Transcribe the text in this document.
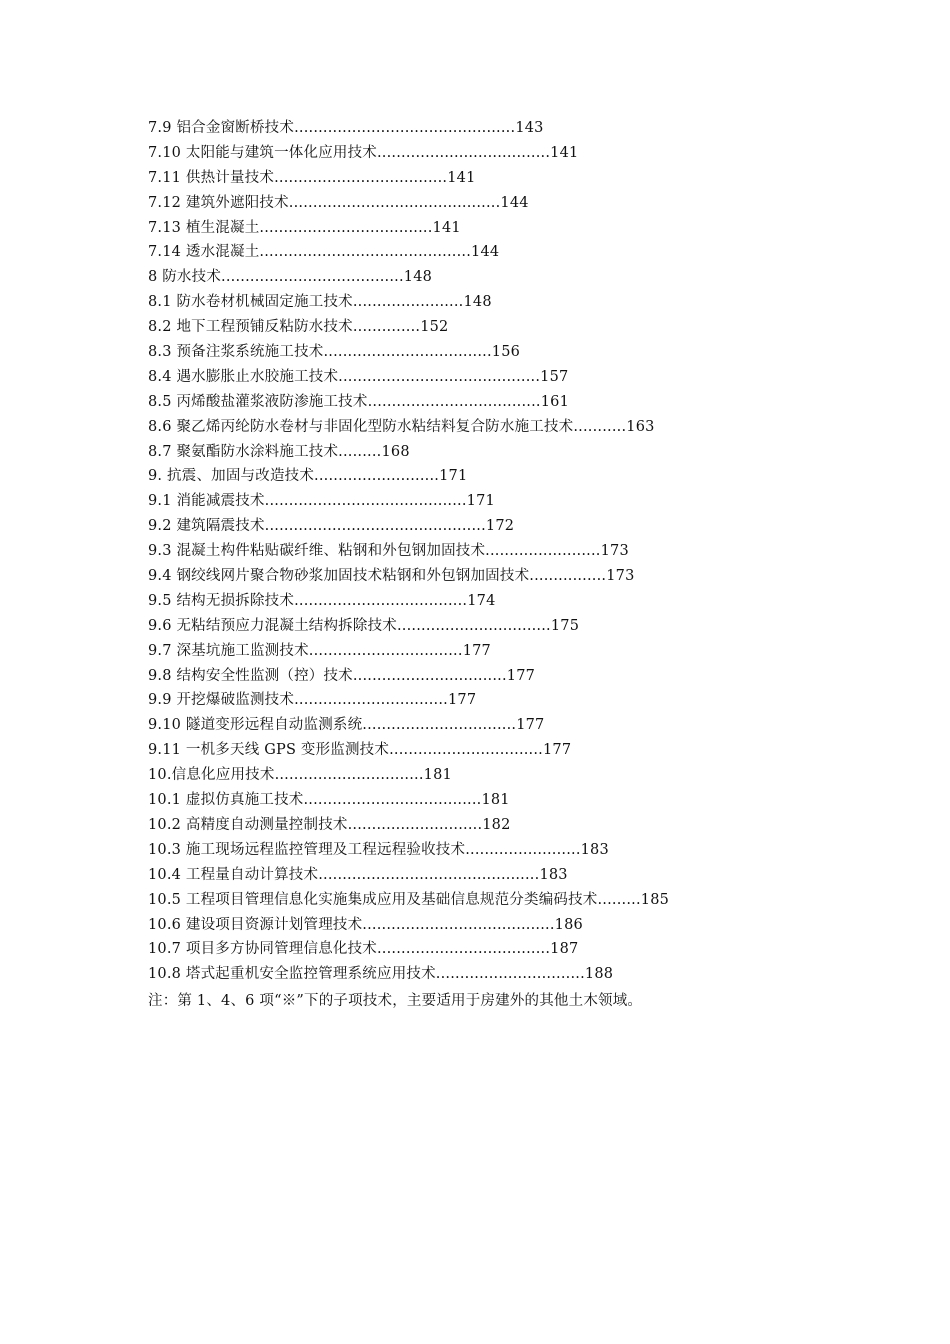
7.9 铝合金窗断桥技术..............................................143
7.10 太阳能与建筑一体化应用技术....................................141
7.11 供热计量技术....................................141
7.12 建筑外遮阳技术............................................144
7.13 植生混凝土....................................141
7.14 透水混凝土............................................144
8 防水技术......................................148
8.1 防水卷材机械固定施工技术.......................148
8.2 地下工程预铺反粘防水技术..............152
8.3 预备注浆系统施工技术...................................156
8.4 遇水膨胀止水胶施工技术..........................................157
8.5 丙烯酸盐灌浆液防渗施工技术....................................161
8.6 聚乙烯丙纶防水卷材与非固化型防水粘结料复合防水施工技术...........163
8.7 聚氨酯防水涂料施工技术.........168
9. 抗震、加固与改造技术..........................171
9.1 消能减震技术..........................................171
9.2 建筑隔震技术..............................................172
9.3 混凝土构件粘贴碳纤维、粘钢和外包钢加固技术........................173
9.4 钢绞线网片聚合物砂浆加固技术粘钢和外包钢加固技术................173
9.5 结构无损拆除技术....................................174
9.6 无粘结预应力混凝土结构拆除技术................................175
9.7 深基坑施工监测技术................................177
9.8 结构安全性监测（控）技术................................177
9.9 开挖爆破监测技术................................177
9.10 隧道变形远程自动监测系统................................177
9.11 一机多天线 GPS 变形监测技术................................177
10.信息化应用技术...............................181
10.1 虚拟仿真施工技术.....................................181
10.2 高精度自动测量控制技术............................182
10.3 施工现场远程监控管理及工程远程验收技术........................183
10.4 工程量自动计算技术..............................................183
10.5 工程项目管理信息化实施集成应用及基础信息规范分类编码技术.........185
10.6 建设项目资源计划管理技术........................................186
10.7 项目多方协同管理信息化技术....................................187
10.8 塔式起重机安全监控管理系统应用技术...............................188
注：第 1、4、6 项“※”下的子项技术，主要适用于房建外的其他土木领域。
